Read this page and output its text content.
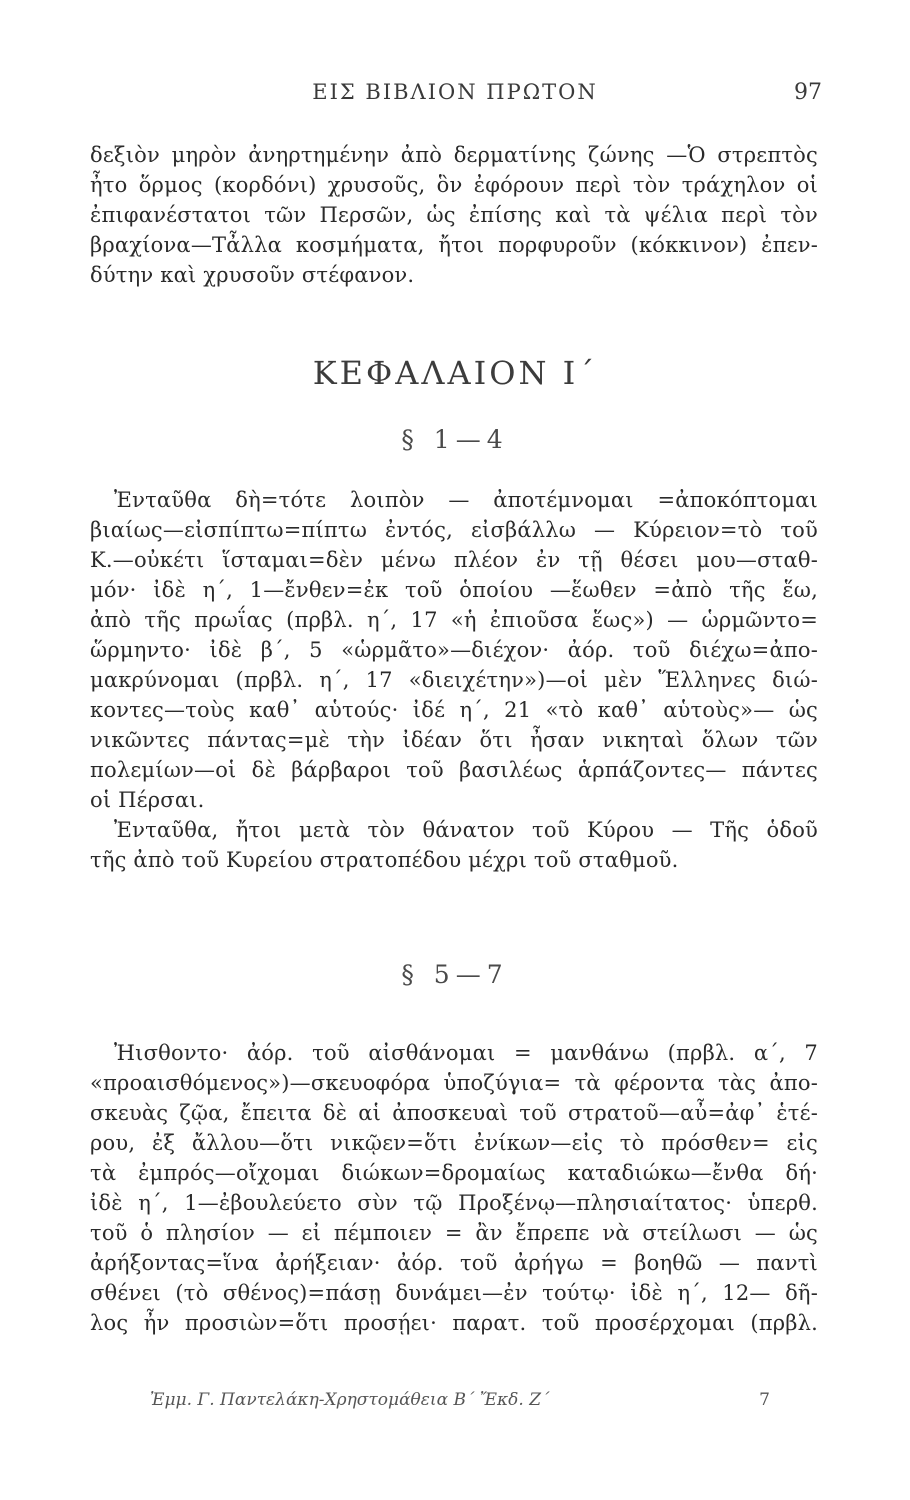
ΕΙΣ ΒΙΒΛΙΟΝ ΠΡΩΤΟΝ	97
δεξιὸν μηρὸν ἀνηρτημένην ἀπὸ δερματίνης ζώνης —Ὁ στρεπτὸς
ἦτο ὅρμος (κορδόνι) χρυσοῦς, ὃν ἐφόρουν περὶ τὸν τράχηλον οἱ
ἐπιφανέστατοι τῶν Περσῶν, ὡς ἐπίσης καὶ τὰ ψέλια περὶ τὸν
βραχίονα—Τἆλλα κοσμήματα, ἤτοι πορφυροῦν (κόκκινον) ἐπεν-
δύτην καὶ χρυσοῦν στέφανον.
ΚΕΦΑΛΑΙΟΝ Ι΄
§ 1—4
Ἐνταῦθα δὴ=τότε λοιπὸν — ἀποτέμνομαι =ἀποκόπτομαι
βιαίως—εἰσπίπτω=πίπτω ἐντός, εἰσβάλλω — Κύρειον=τὸ τοῦ
Κ.—οὐκέτι ἵσταμαι=δὲν μένω πλέον ἐν τῇ θέσει μου—σταθ-
μόν· ἰδὲ η΄, 1—ἔνθεν=ἐκ τοῦ ὁποίου —ἕωθεν =ἀπὸ τῆς ἕω,
ἀπὸ τῆς πρωΐας (πρβλ. η΄, 17 «ἡ ἐπιοῦσα ἕως») — ὡρμῶντο=
ὥρμηντο· ἰδὲ β΄, 5 «ὡρμᾶτο»—διέχον· ἀόρ. τοῦ διέχω=ἀπο-
μακρύνομαι (πρβλ. η΄, 17 «διειχέτην»)—οἱ μὲν Ἕλληνες διώ-
κοντες—τοὺς καθ᾽ αὑτούς· ἰδέ η΄, 21 «τὸ καθ᾽ αὑτοὺς»— ὡς
νικῶντες πάντας=μὲ τὴν ἰδέαν ὅτι ἦσαν νικηταὶ ὅλων τῶν
πολεμίων—οἱ δὲ βάρβαροι τοῦ βασιλέως ἁρπάζοντες— πάντες
οἱ Πέρσαι.
Ἐνταῦθα, ἤτοι μετὰ τὸν θάνατον τοῦ Κύρου — Τῆς ὁδοῦ
τῆς ἀπὸ τοῦ Κυρείου στρατοπέδου μέχρι τοῦ σταθμοῦ.
§ 5—7
Ἠισθοντο· ἀόρ. τοῦ αἰσθάνομαι = μανθάνω (πρβλ. α΄, 7
«προαισθόμενος»)—σκευοφόρα ὑποζύγια= τὰ φέροντα τὰς ἀπο-
σκευὰς ζῷα, ἔπειτα δὲ αἱ ἀποσκευαὶ τοῦ στρατοῦ—αὖ=ἀφ᾽ ἑτέ-
ρου, ἐξ ἄλλου—ὅτι νικῷεν=ὅτι ἐνίκων—εἰς τὸ πρόσθεν= εἰς
τὰ ἐμπρός—οἴχομαι διώκων=δρομαίως καταδιώκω—ἔνθα δή·
ἰδὲ η΄, 1—ἐβουλεύετο σὺν τῷ Προξένῳ—πλησιαίτατος· ὑπερθ.
τοῦ ὁ πλησίον — εἰ πέμποιεν = ἂν ἔπρεπε νὰ στείλωσι — ὡς
ἀρήξοντας=ἵνα ἀρήξειαν· ἀόρ. τοῦ ἀρήγω = βοηθῶ — παντὶ
σθένει (τὸ σθένος)=πάσῃ δυνάμει—ἐν τούτῳ· ἰδὲ η΄, 12— δῆ-
λος ἦν προσιὼν=ὅτι προσῄει· παρατ. τοῦ προσέρχομαι (πρβλ.
Ἐμμ. Γ. Παντελάκη-Χρηστομάθεια Β΄ Ἔκδ. Ζ΄	7
